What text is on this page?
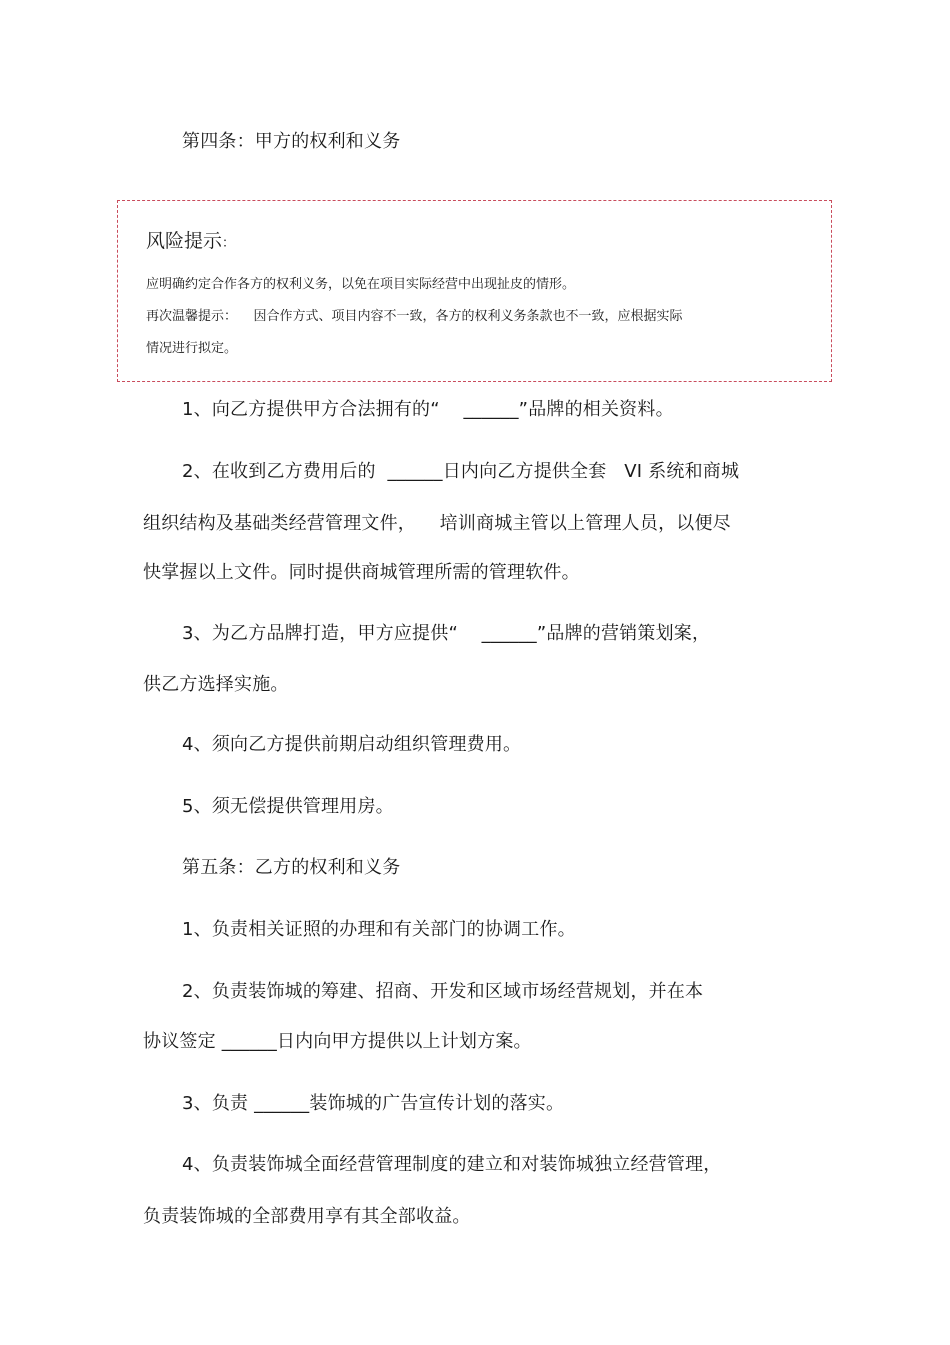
第四条：甲方的权利和义务
风险提示：
应明确约定合作各方的权利义务，以免在项目实际经营中出现扯皮的情形。
再次温馨提示：    因合作方式、项目内容不一致，各方的权利义务条款也不一致，应根据实际
情况进行拟定。
1、向乙方提供甲方合法拥有的“    ______”品牌的相关资料。
2、在收到乙方费用后的  ______日内向乙方提供全套   VI 系统和商城
组织结构及基础类经营管理文件，    培训商城主管以上管理人员，以便尽
快掌握以上文件。同时提供商城管理所需的管理软件。
3、为乙方品牌打造，甲方应提供“    ______”品牌的营销策划案，
供乙方选择实施。
4、须向乙方提供前期启动组织管理费用。
5、须无偿提供管理用房。
第五条：乙方的权利和义务
1、负责相关证照的办理和有关部门的协调工作。
2、负责装饰城的筹建、招商、开发和区域市场经营规划，并在本
协议签定 ______日内向甲方提供以上计划方案。
3、负责 ______装饰城的广告宣传计划的落实。
4、负责装饰城全面经营管理制度的建立和对装饰城独立经营管理，
负责装饰城的全部费用享有其全部收益。
